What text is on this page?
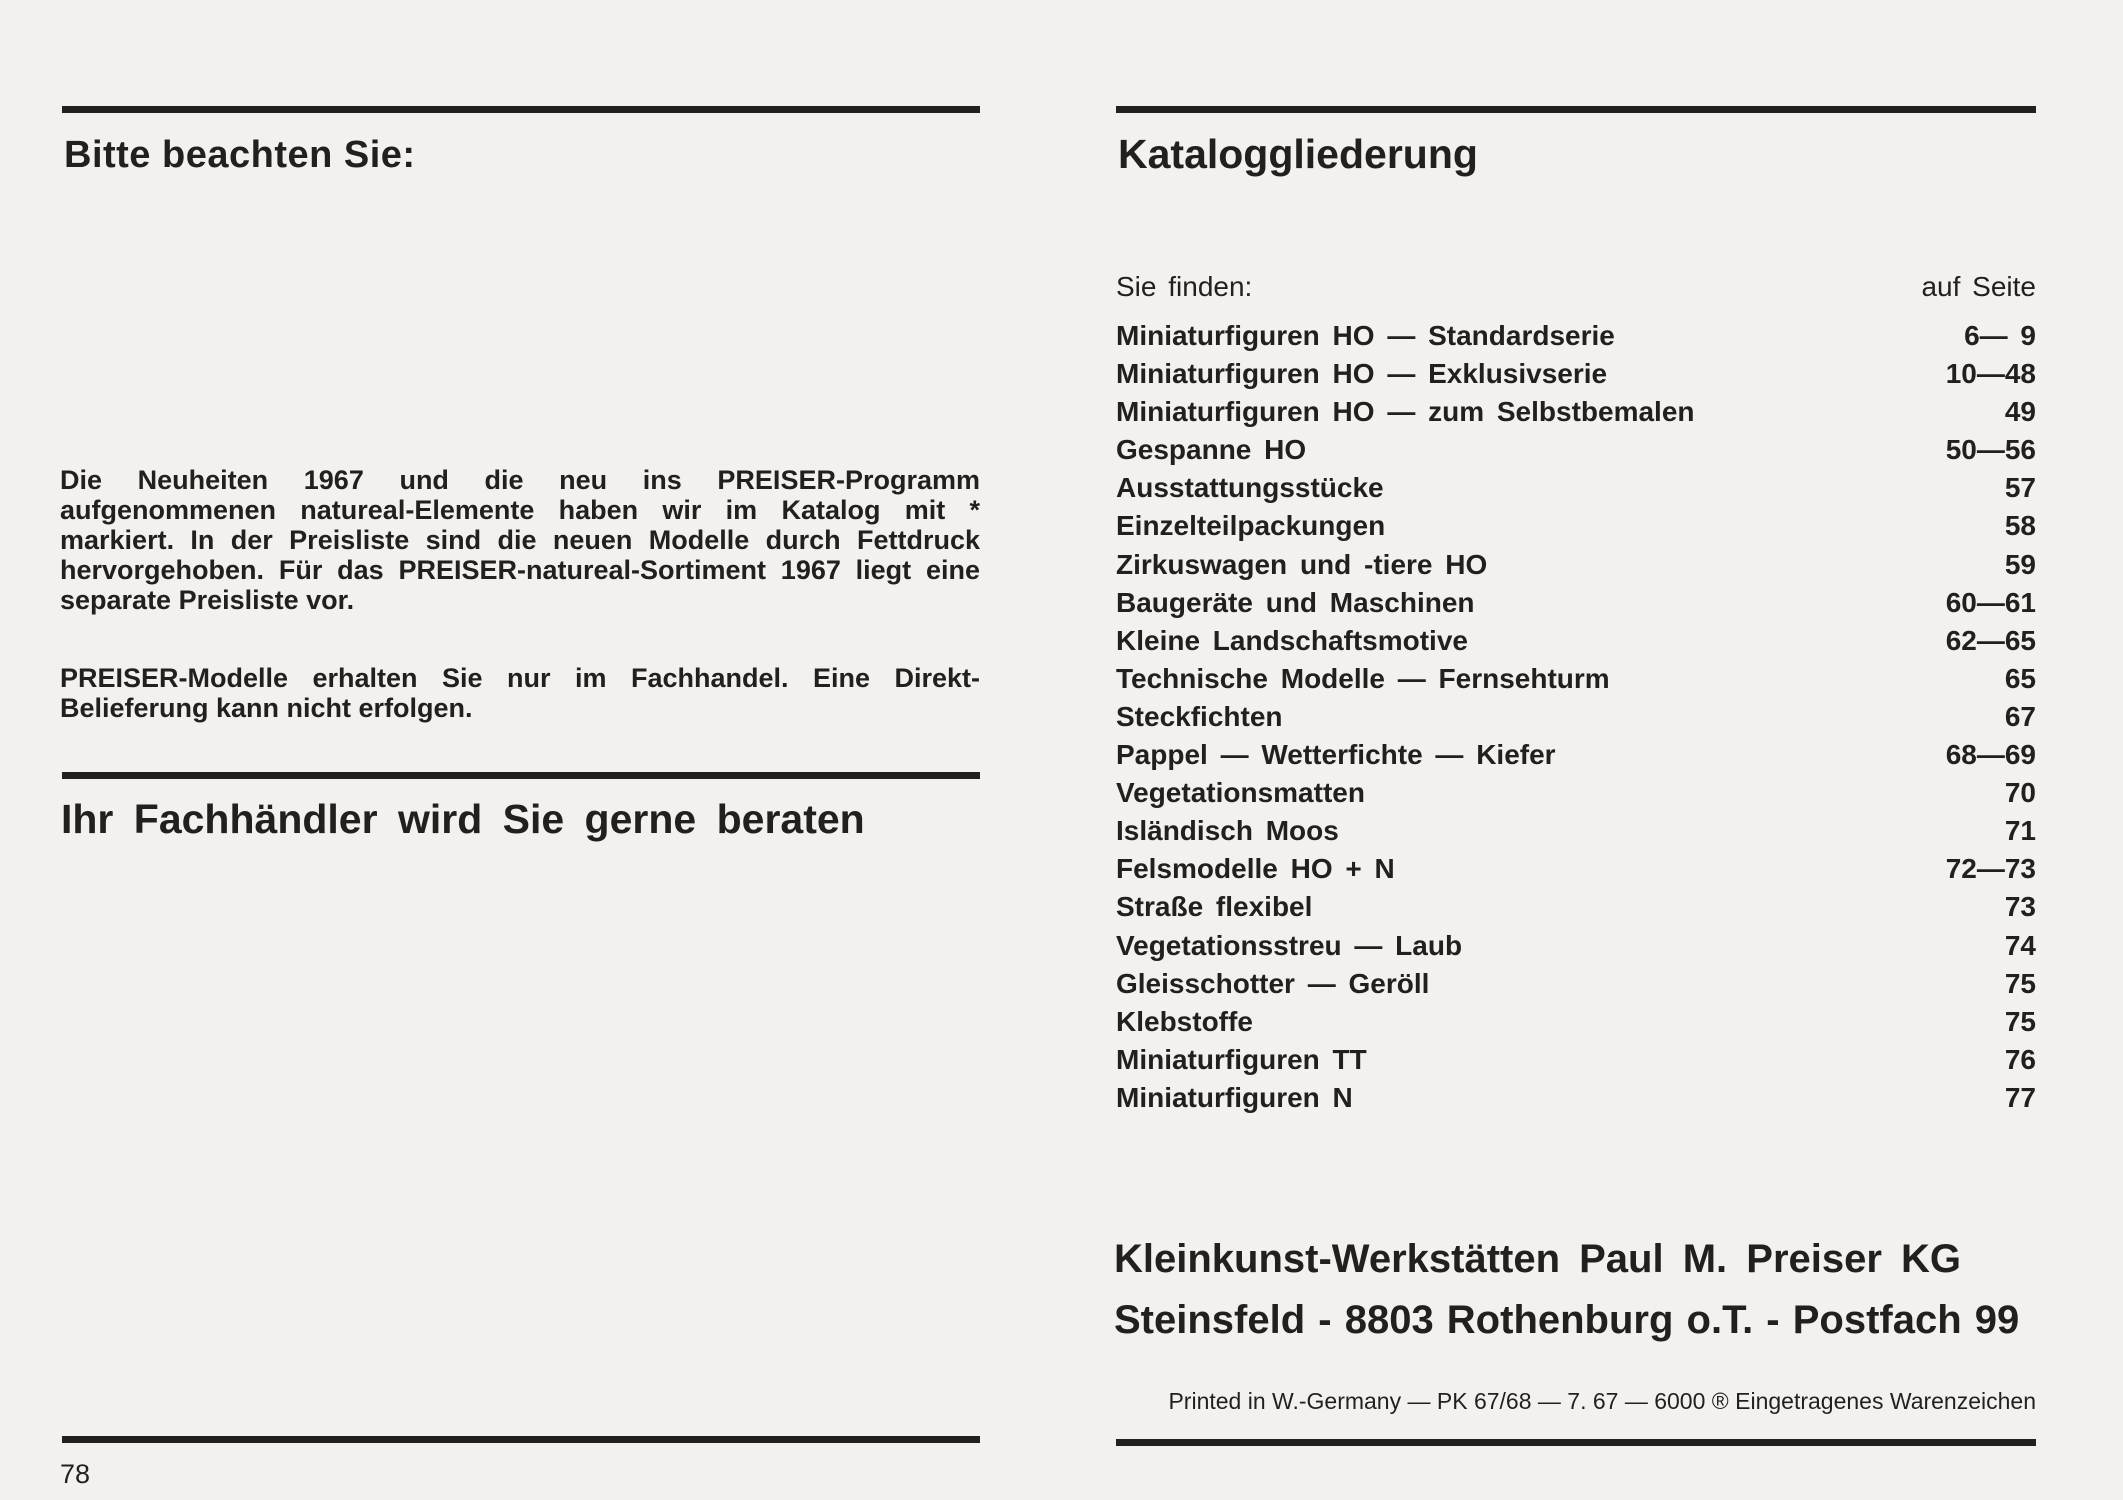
Bitte beachten Sie:

Die Neuheiten 1967 und die neu ins PREISER-Programm aufgenommenen natureal-Elemente haben wir im Katalog mit * markiert. In der Preisliste sind die neuen Modelle durch Fettdruck hervorgehoben. Für das PREISER-natureal-Sortiment 1967 liegt eine separate Preisliste vor.

PREISER-Modelle erhalten Sie nur im Fachhandel. Eine Direkt-Belieferung kann nicht erfolgen.

Ihr Fachhändler wird Sie gerne beraten
78
Kataloggliederung
Sie finden:	auf Seite
Miniaturfiguren HO — Standardserie	6— 9
Miniaturfiguren HO — Exklusivserie	10—48
Miniaturfiguren HO — zum Selbstbemalen	49
Gespanne HO	50—56
Ausstattungsstücke	57
Einzelteilpackungen	58
Zirkuswagen und -tiere HO	59
Baugeräte und Maschinen	60—61
Kleine Landschaftsmotive	62—65
Technische Modelle — Fernsehturm	65
Steckfichten	67
Pappel — Wetterfichte — Kiefer	68—69
Vegetationsmatten	70
Isländisch Moos	71
Felsmodelle HO + N	72—73
Straße flexibel	73
Vegetationsstreu — Laub	74
Gleisschotter — Geröll	75
Klebstoffe	75
Miniaturfiguren TT	76
Miniaturfiguren N	77
Kleinkunst-Werkstätten Paul M. Preiser KG
Steinsfeld - 8803 Rothenburg o.T. - Postfach 99
Printed in W.-Germany — PK 67/68 — 7. 67 — 6000 ® Eingetragenes Warenzeichen
